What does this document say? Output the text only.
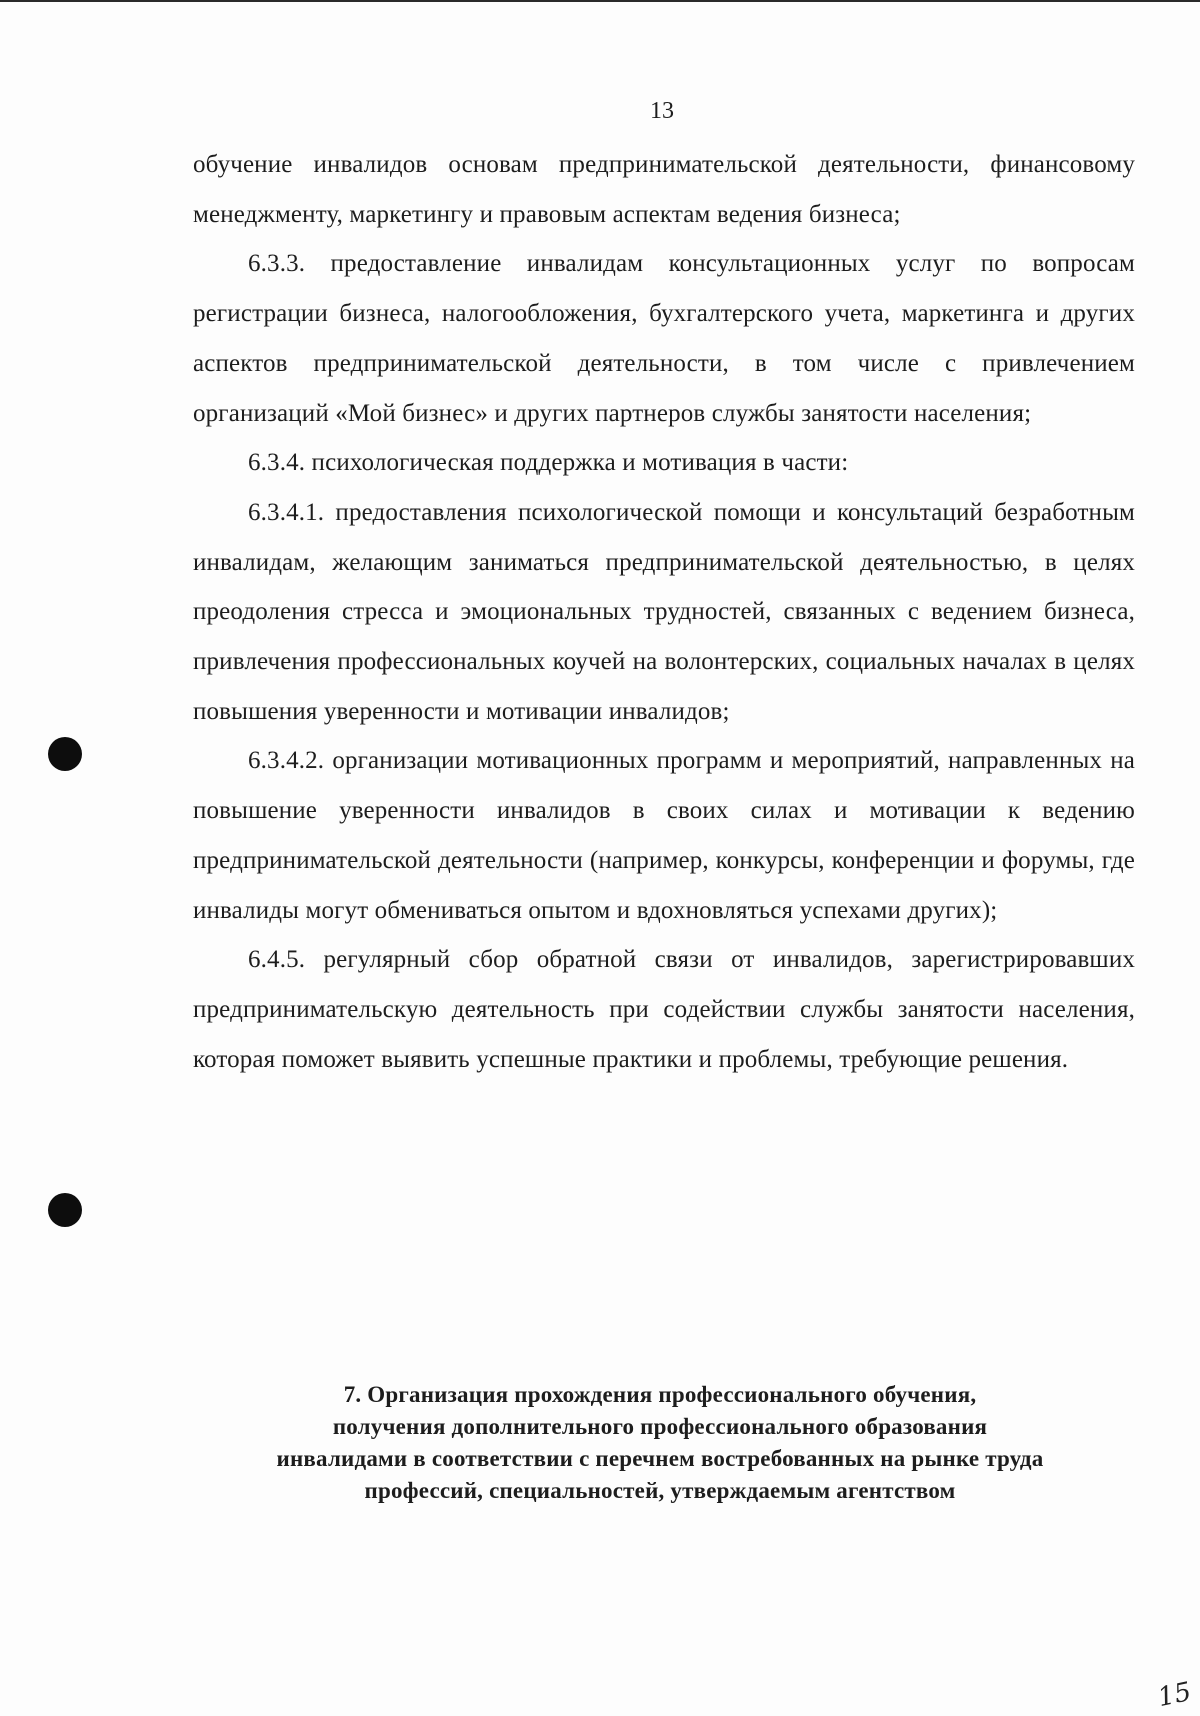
13

обучение инвалидов основам предпринимательской деятельности, финансовому менеджменту, маркетингу и правовым аспектам ведения бизнеса;

6.3.3. предоставление инвалидам консультационных услуг по вопросам регистрации бизнеса, налогообложения, бухгалтерского учета, маркетинга и других аспектов предпринимательской деятельности, в том числе с привлечением организаций «Мой бизнес» и других партнеров службы занятости населения;

6.3.4. психологическая поддержка и мотивация в части:

6.3.4.1. предоставления психологической помощи и консультаций безработным инвалидам, желающим заниматься предпринимательской деятельностью, в целях преодоления стресса и эмоциональных трудностей, связанных с ведением бизнеса, привлечения профессиональных коучей на волонтерских, социальных началах в целях повышения уверенности и мотивации инвалидов;

6.3.4.2. организации мотивационных программ и мероприятий, направленных на повышение уверенности инвалидов в своих силах и мотивации к ведению предпринимательской деятельности (например, конкурсы, конференции и форумы, где инвалиды могут обмениваться опытом и вдохновляться успехами других);

6.4.5. регулярный сбор обратной связи от инвалидов, зарегистрировавших предпринимательскую деятельность при содействии службы занятости населения, которая поможет выявить успешные практики и проблемы, требующие решения.

7. Организация прохождения профессионального обучения,
получения дополнительного профессионального образования
инвалидами в соответствии с перечнем востребованных на рынке труда
профессий, специальностей, утверждаемым агентством
15
